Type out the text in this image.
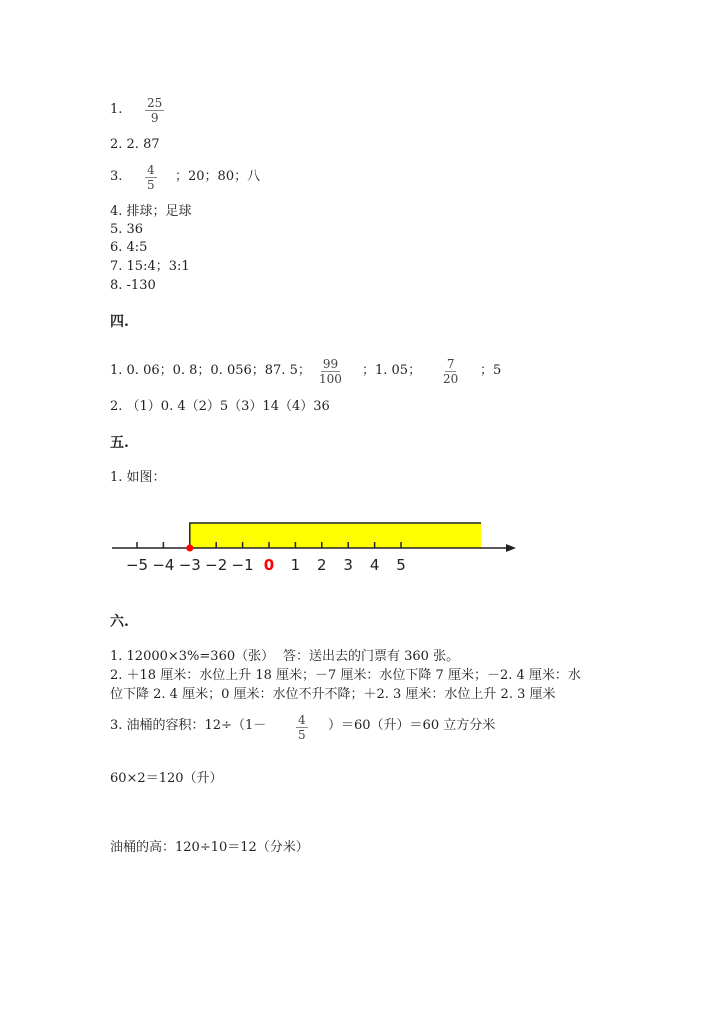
1. $\frac{25}{9}$
2. 2. 87
3. $\frac{4}{5}$ ；20；80；八
4. 排球；足球
5. 36
6. 4:5
7. 15:4；3:1
8. -130
四.
1. 0. 06；0. 8；0. 056；87. 5； $\frac{99}{100}$ ；1. 05； $\frac{7}{20}$ ；5
2. （1）0. 4（2）5（3）14（4）36
五.
1. 如图：
−5 −4 −3 −2 −1 0 1 2 3 4 5
六.
1. 12000×3%=360（张） 答：送出去的门票有 360 张。
2. ＋18 厘米：水位上升 18 厘米；－7 厘米：水位下降 7 厘米；－2. 4 厘米：水
位下降 2. 4 厘米；0 厘米：水位不升不降；＋2. 3 厘米：水位上升 2. 3 厘米
3. 油桶的容积：$12\div(1- \frac{4}{5} )=60$（升）＝60 立方分米
60×2＝120（升）
油桶的高：120÷10＝12（分米）
